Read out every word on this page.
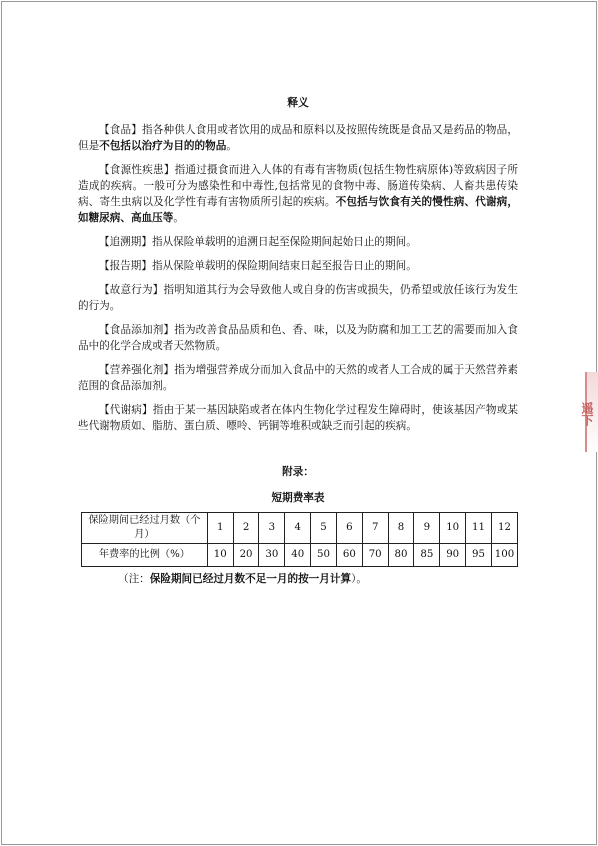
释义
【食品】指各种供人食用或者饮用的成品和原料以及按照传统既是食品又是药品的物品，但是不包括以治疗为目的的物品。
【食源性疾患】指通过摄食而进入人体的有毒有害物质(包括生物性病原体)等致病因子所造成的疾病。一般可分为感染性和中毒性,包括常见的食物中毒、肠道传染病、人畜共患传染病、寄生虫病以及化学性有毒有害物质所引起的疾病。不包括与饮食有关的慢性病、代谢病，如糖尿病、高血压等。
【追溯期】指从保险单载明的追溯日起至保险期间起始日止的期间。
【报告期】指从保险单载明的保险期间结束日起至报告日止的期间。
【故意行为】指明知道其行为会导致他人或自身的伤害或损失，仍希望或放任该行为发生的行为。
【食品添加剂】指为改善食品品质和色、香、味，以及为防腐和加工工艺的需要而加入食品中的化学合成或者天然物质。
【营养强化剂】指为增强营养成分而加入食品中的天然的或者人工合成的属于天然营养素范围的食品添加剂。
【代谢病】指由于某一基因缺陷或者在体内生物化学过程发生障碍时，使该基因产物或某些代谢物质如、脂肪、蛋白质、嘌呤、钙铜等堆积或缺乏而引起的疾病。
附录：
短期费率表
保险期间已经过月数（个月）	1	2	3	4	5	6	7	8	9	10	11	12
年费率的比例（%）	10	20	30	40	50	60	70	80	85	90	95	100
（注：保险期间已经过月数不足一月的按一月计算）。
遥下
